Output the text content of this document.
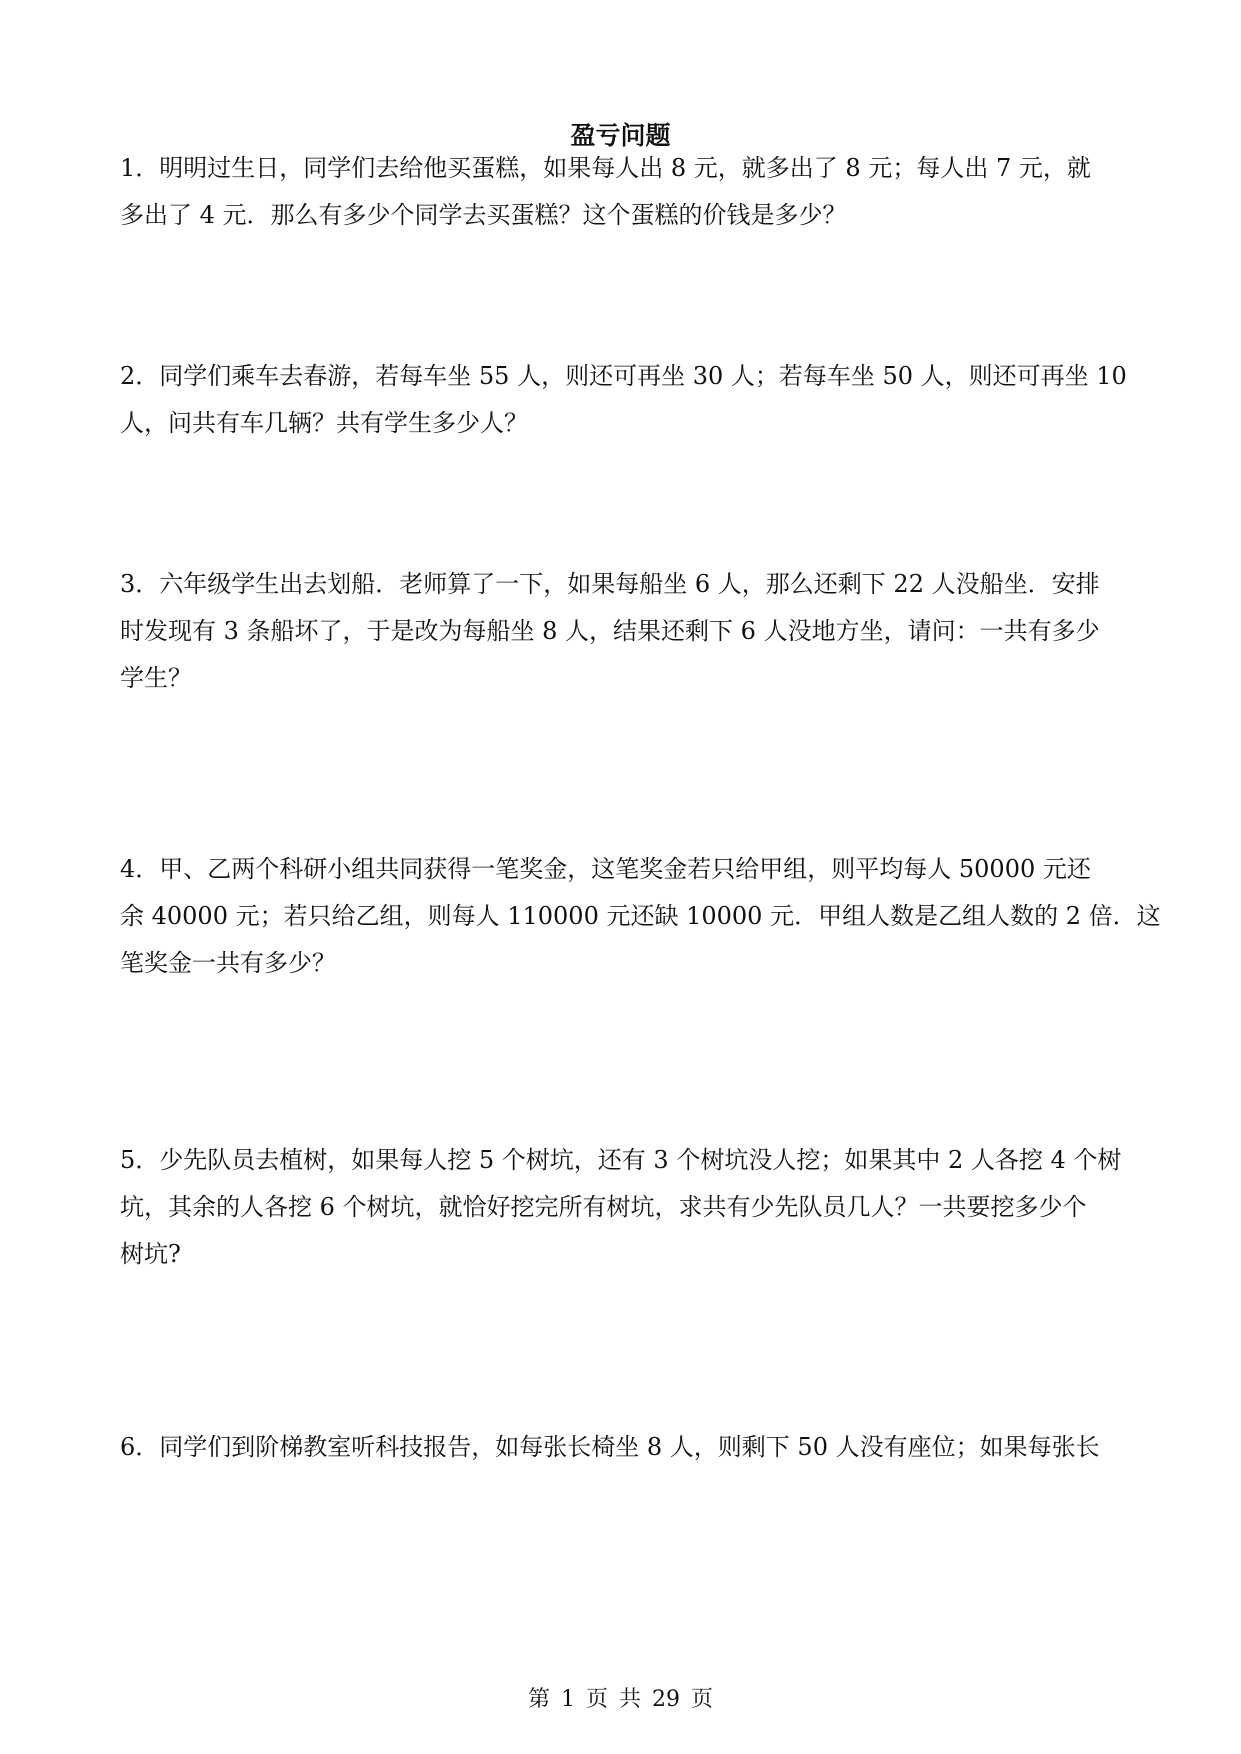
盈亏问题

1．明明过生日，同学们去给他买蛋糕，如果每人出 8 元，就多出了 8 元；每人出 7 元，就

多出了 4 元．那么有多少个同学去买蛋糕？这个蛋糕的价钱是多少？

2．同学们乘车去春游，若每车坐 55 人，则还可再坐 30 人；若每车坐 50 人，则还可再坐 10

人，问共有车几辆？共有学生多少人？

3．六年级学生出去划船．老师算了一下，如果每船坐 6 人，那么还剩下 22 人没船坐．安排

时发现有 3 条船坏了，于是改为每船坐 8 人，结果还剩下 6 人没地方坐，请问：一共有多少

学生？

4．甲、乙两个科研小组共同获得一笔奖金，这笔奖金若只给甲组，则平均每人 50000 元还

余 40000 元；若只给乙组，则每人 110000 元还缺 10000 元．甲组人数是乙组人数的 2 倍．这

笔奖金一共有多少？

5．少先队员去植树，如果每人挖 5 个树坑，还有 3 个树坑没人挖；如果其中 2 人各挖 4 个树

坑，其余的人各挖 6 个树坑，就恰好挖完所有树坑，求共有少先队员几人？一共要挖多少个

树坑?

6．同学们到阶梯教室听科技报告，如每张长椅坐 8 人，则剩下 50 人没有座位；如果每张长

第 1 页 共 29 页
